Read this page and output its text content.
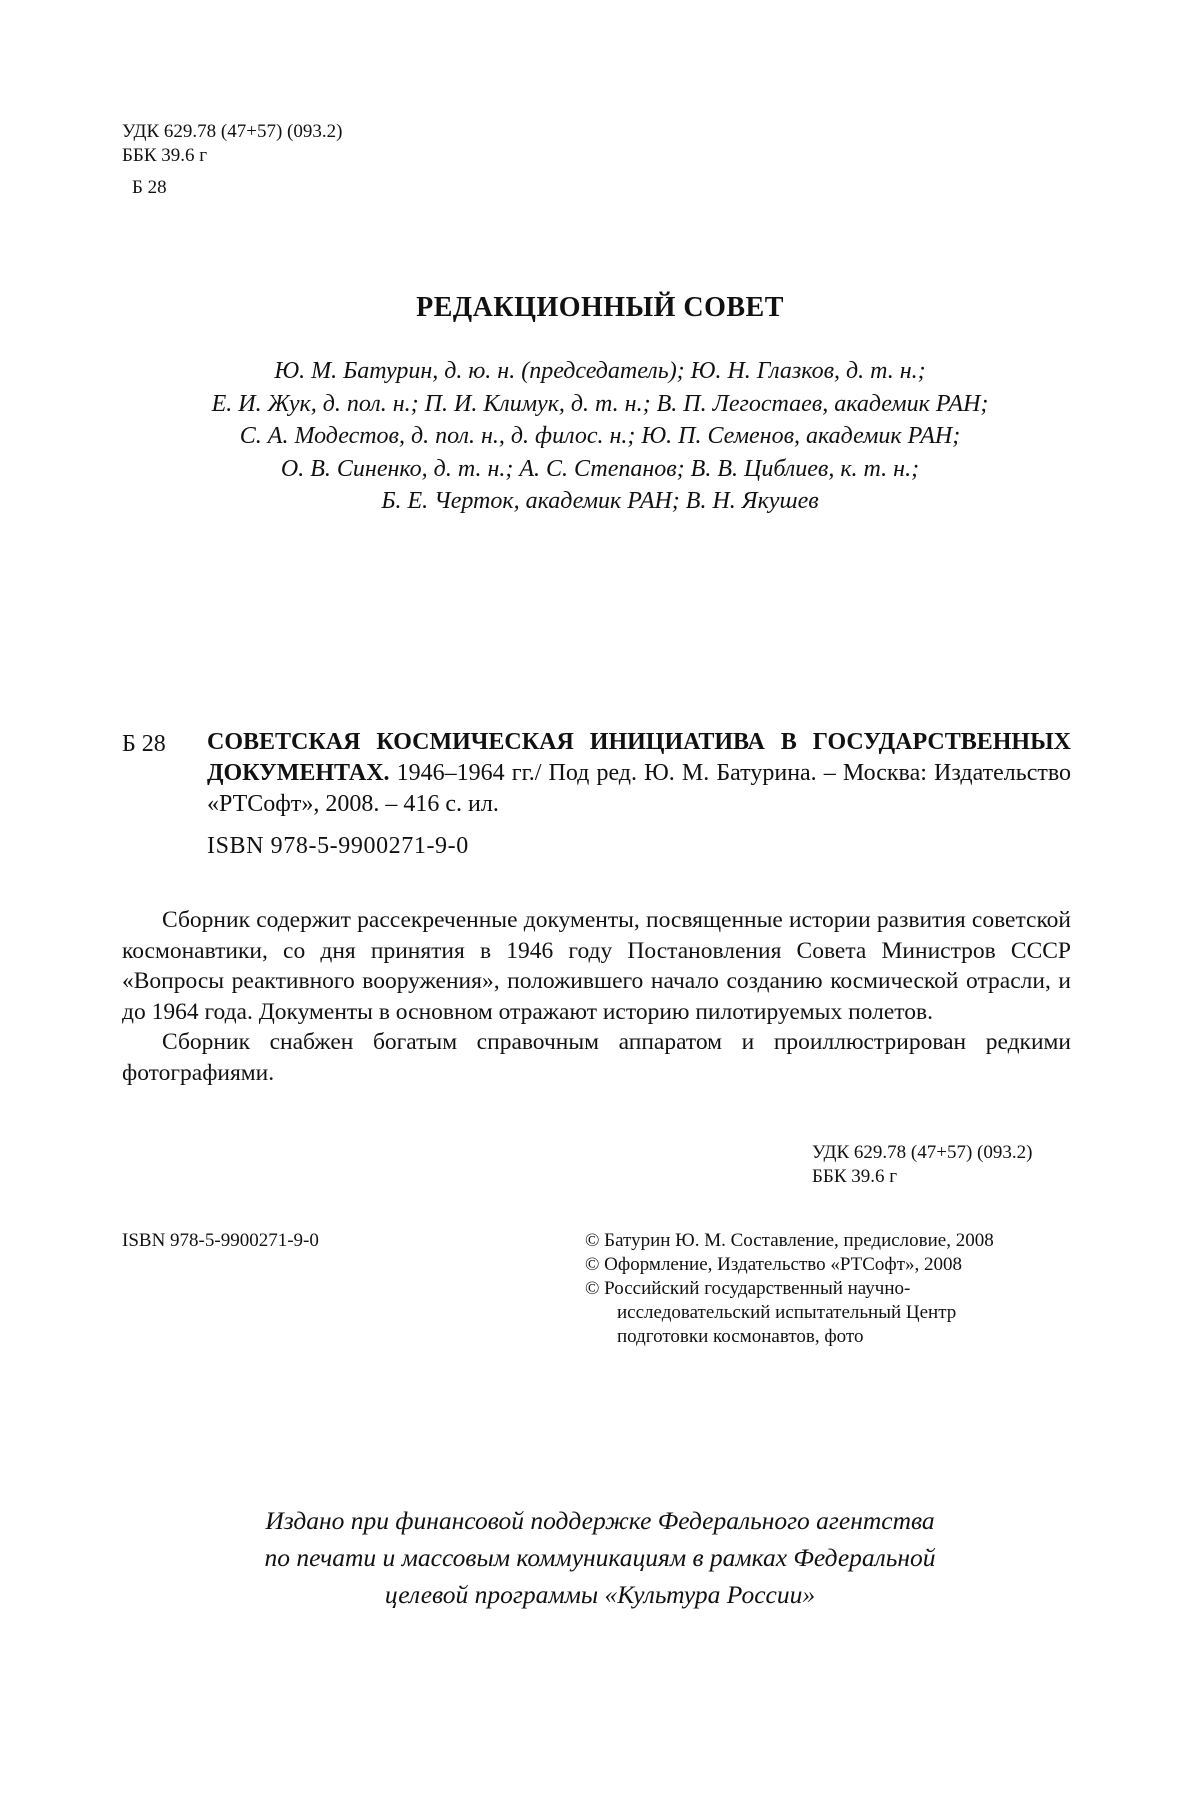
УДК 629.78 (47+57) (093.2)
ББК 39.6 г
Б 28
РЕДАКЦИОННЫЙ СОВЕТ
Ю. М. Батурин, д. ю. н. (председатель); Ю. Н. Глазков, д. т. н.;
Е. И. Жук, д. пол. н.; П. И. Климук, д. т. н.; В. П. Легостаев, академик РАН;
С. А. Модестов, д. пол. н., д. филос. н.; Ю. П. Семенов, академик РАН;
О. В. Синенко, д. т. н.; А. С. Степанов; В. В. Циблиев, к. т. н.;
Б. Е. Черток, академик РАН; В. Н. Якушев
Б 28 СОВЕТСКАЯ КОСМИЧЕСКАЯ ИНИЦИАТИВА В ГОСУДАРСТВЕННЫХ ДОКУМЕНТАХ. 1946–1964 гг./ Под ред. Ю. М. Батурина. – Москва: Издательство «РТСофт», 2008. – 416 с. ил.
ISBN 978-5-9900271-9-0

Сборник содержит рассекреченные документы, посвященные истории развития советской космонавтики, со дня принятия в 1946 году Постановления Совета Министров СССР «Вопросы реактивного вооружения», положившего начало созданию космической отрасли, и до 1964 года. Документы в основном отражают историю пилотируемых полетов.

Сборник снабжен богатым справочным аппаратом и проиллюстрирован редкими фотографиями.

УДК 629.78 (47+57) (093.2)
ББК 39.6 г
ISBN 978-5-9900271-9-0	© Батурин Ю. М. Составление, предисловие, 2008
© Оформление, Издательство «РТСофт», 2008
© Российский государственный научно-
исследовательский испытательный Центр
подготовки космонавтов, фото
Издано при финансовой поддержке Федерального агентства
по печати и массовым коммуникациям в рамках Федеральной
целевой программы «Культура России»
